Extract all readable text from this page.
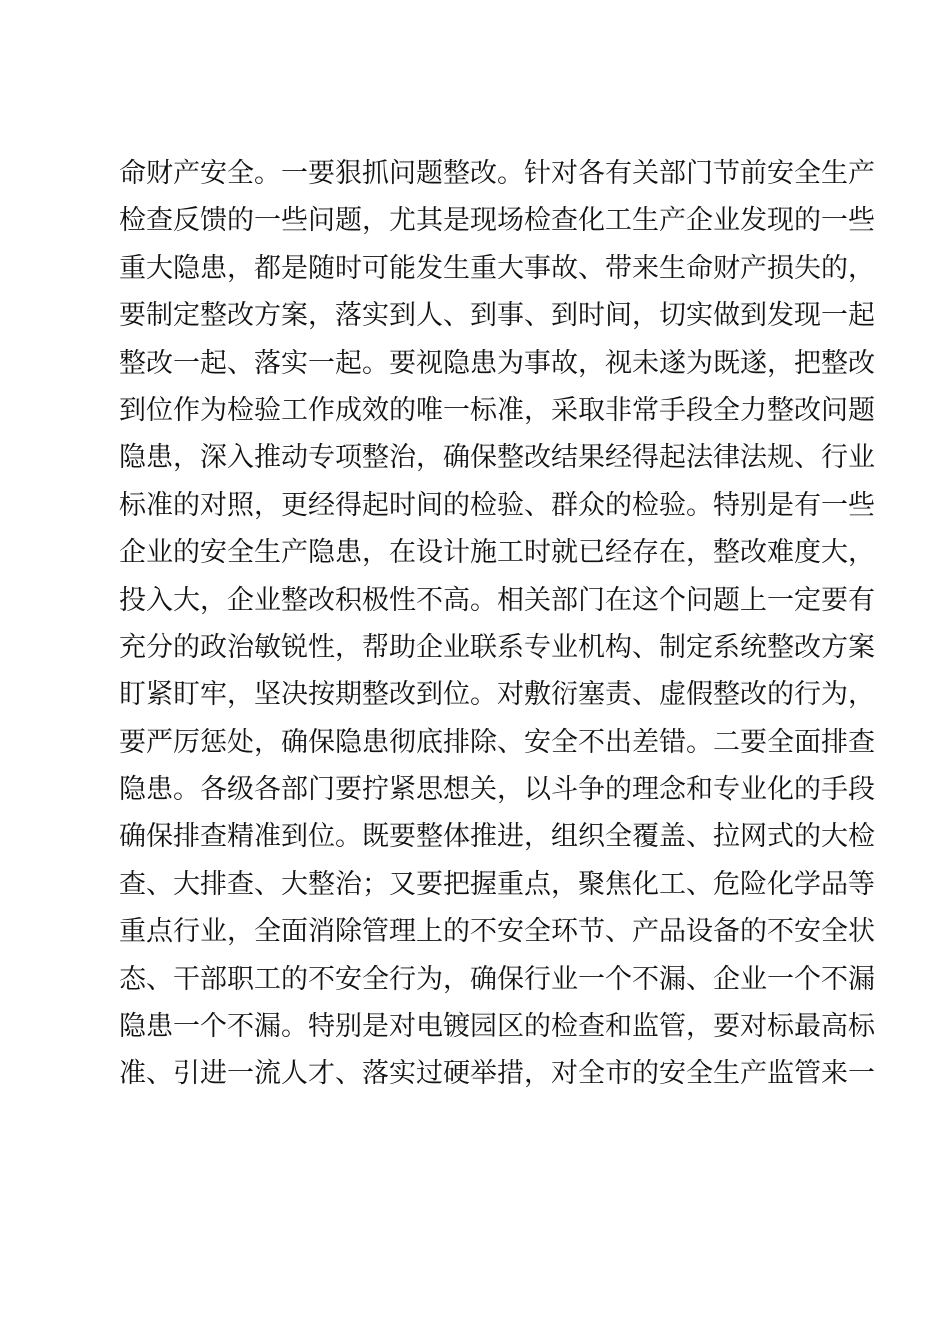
命财产安全。一要狠抓问题整改。针对各有关部门节前安全生产
检查反馈的一些问题，尤其是现场检查化工生产企业发现的一些
重大隐患，都是随时可能发生重大事故、带来生命财产损失的，
要制定整改方案，落实到人、到事、到时间，切实做到发现一起
整改一起、落实一起。要视隐患为事故，视未遂为既遂，把整改
到位作为检验工作成效的唯一标准，采取非常手段全力整改问题
隐患，深入推动专项整治，确保整改结果经得起法律法规、行业
标准的对照，更经得起时间的检验、群众的检验。特别是有一些
企业的安全生产隐患，在设计施工时就已经存在，整改难度大，
投入大，企业整改积极性不高。相关部门在这个问题上一定要有
充分的政治敏锐性，帮助企业联系专业机构、制定系统整改方案
盯紧盯牢，坚决按期整改到位。对敷衍塞责、虚假整改的行为，
要严厉惩处，确保隐患彻底排除、安全不出差错。二要全面排查
隐患。各级各部门要拧紧思想关，以斗争的理念和专业化的手段
确保排查精准到位。既要整体推进，组织全覆盖、拉网式的大检
查、大排查、大整治；又要把握重点，聚焦化工、危险化学品等
重点行业，全面消除管理上的不安全环节、产品设备的不安全状
态、干部职工的不安全行为，确保行业一个不漏、企业一个不漏
隐患一个不漏。特别是对电镀园区的检查和监管，要对标最高标
准、引进一流人才、落实过硬举措，对全市的安全生产监管来一
